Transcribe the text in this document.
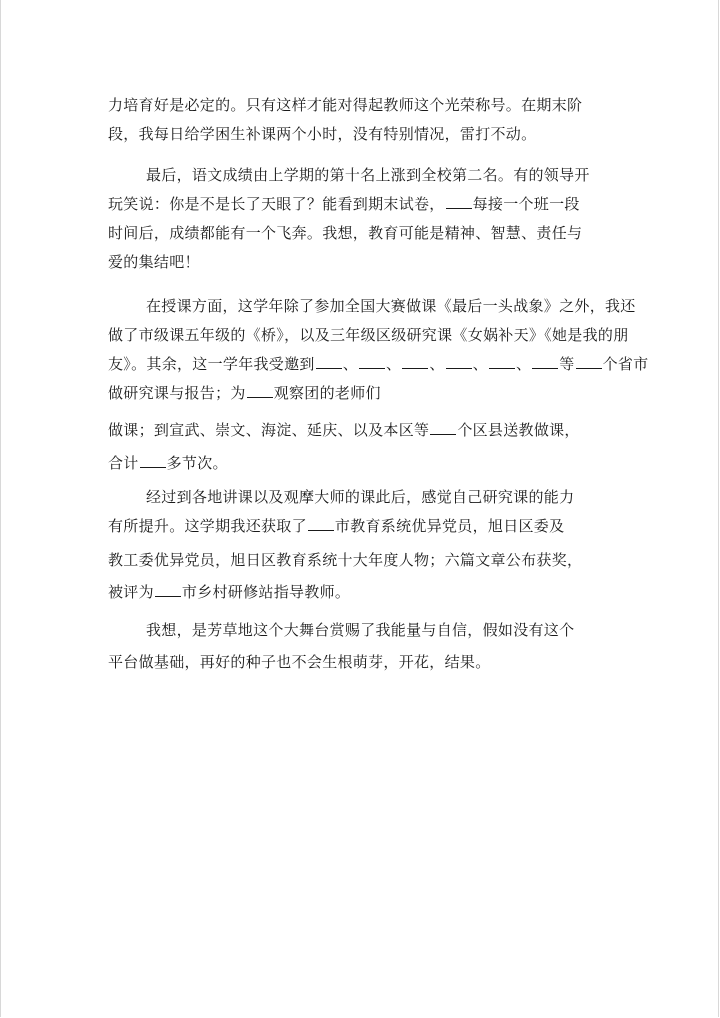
力培育好是必定的。只有这样才能对得起教师这个光荣称号。在期末阶
段，我每日给学困生补课两个小时，没有特别情况，雷打不动。
最后，语文成绩由上学期的第十名上涨到全校第二名。有的领导开
玩笑说：你是不是长了天眼了？能看到期末试卷， 每接一个班一段
时间后，成绩都能有一个飞奔。我想，教育可能是精神、智慧、责任与
爱的集结吧！
在授课方面，这学年除了参加全国大赛做课《最后一头战象》之外，我还
做了市级课五年级的《桥》，以及三年级区级研究课《女娲补天》《她是我的朋
友》。其余，这一学年我受邀到 、 、 、 、 、 等 个省市
做研究课与报告；为 观察团的老师们
做课；到宣武、崇文、海淀、延庆、以及本区等 个区县送教做课，
合计 多节次。
经过到各地讲课以及观摩大师的课此后，感觉自己研究课的能力
有所提升。这学期我还获取了 市教育系统优异党员，旭日区委及
教工委优异党员，旭日区教育系统十大年度人物；六篇文章公布获奖，
被评为 市乡村研修站指导教师。
我想，是芳草地这个大舞台赏赐了我能量与自信，假如没有这个
平台做基础，再好的种子也不会生根萌芽，开花，结果。
